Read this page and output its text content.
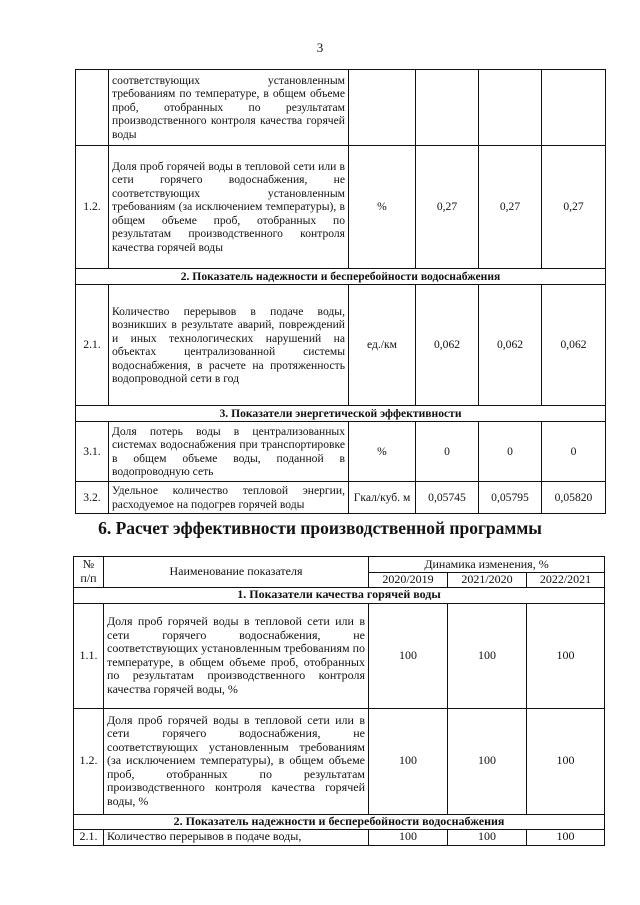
3
	соответствующих установленным требованиям по температуре, в общем объеме проб, отобранных по результатам производственного контроля качества горячей воды				
1.2.	Доля проб горячей воды в тепловой сети или в сети горячего водоснабжения, не соответствующих установленным требованиям (за исключением температуры), в общем объеме проб, отобранных по результатам производственного контроля качества горячей воды	%	0,27	0,27	0,27
2. Показатель надежности и бесперебойности водоснабжения					
2.1.	Количество перерывов в подаче воды, возникших в результате аварий, повреждений и иных технологических нарушений на объектах централизованной системы водоснабжения, в расчете на протяженность водопроводной сети в год	ед./км	0,062	0,062	0,062
3. Показатели энергетической эффективности					
3.1.	Доля потерь воды в централизованных системах водоснабжения при транспортировке в общем объеме воды, поданной в водопроводную сеть	%	0	0	0
3.2.	Удельное количество тепловой энергии, расходуемое на подогрев горячей воды	Гкал/куб. м	0,05745	0,05795	0,05820
6. Расчет эффективности производственной программы
№ п/п	Наименование показателя	Динамика изменения, %		
		2020/2019	2021/2020	2022/2021
1. Показатели качества горячей воды				
1.1.	Доля проб горячей воды в тепловой сети или в сети горячего водоснабжения, не соответствующих установленным требованиям по температуре, в общем объеме проб, отобранных по результатам производственного контроля качества горячей воды, %	100	100	100
1.2.	Доля проб горячей воды в тепловой сети или в сети горячего водоснабжения, не соответствующих установленным требованиям (за исключением температуры), в общем объеме проб, отобранных по результатам производственного контроля качества горячей воды, %	100	100	100
2. Показатель надежности и бесперебойности водоснабжения				
2.1.	Количество перерывов в подаче воды,	100	100	100
